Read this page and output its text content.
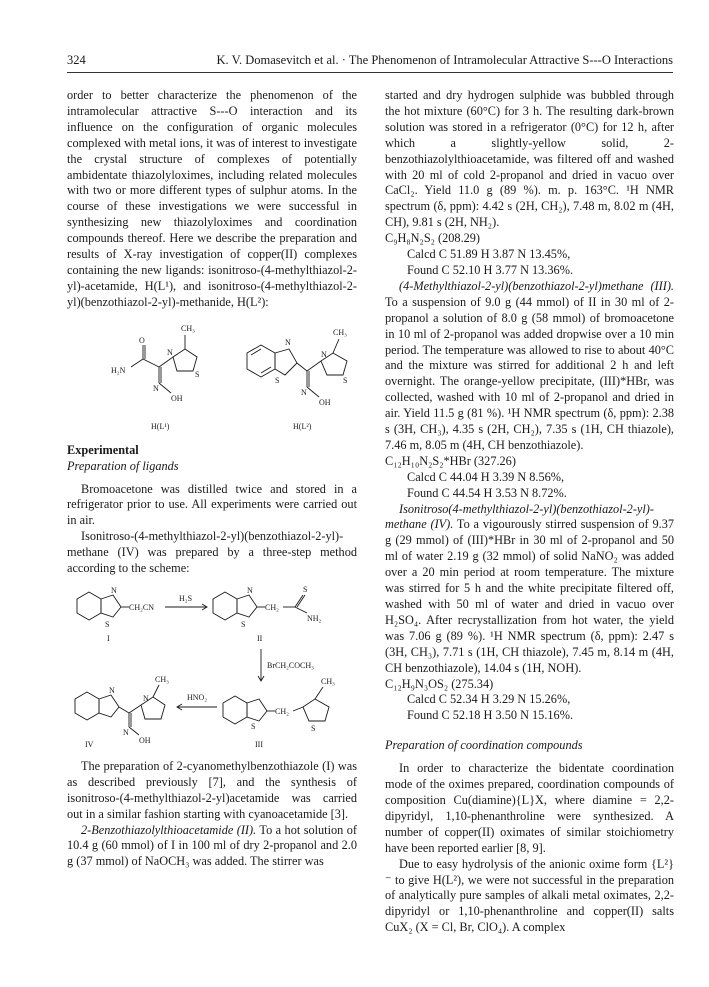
324	K. V. Domasevitch et al. · The Phenomenon of Intramolecular Attractive S---O Interactions

order to better characterize the phenomenon of the intramolecular attractive S---O interaction and its influence on the configuration of organic molecules complexed with metal ions, it was of interest to investigate the crystal structure of complexes of potentially ambidentate thiazolyloximes, including related molecules with two or more different types of sulphur atoms. In the course of these investigations we were successful in synthesizing new thiazolyloximes and coordination compounds thereof. Here we describe the preparation and results of X-ray investigation of copper(II) complexes containing the new ligands: isonitroso-(4-methylthiazol-2-yl)-acetamide, H(L¹), and isonitroso-(4-methylthiazol-2-yl)(benzothiazol-2-yl)-methanide, H(L²):

CH₃
O
N
S
H₂N
N
OH
H(L¹)
CH₃
N
S
N
S
N
OH
H(L²)

Experimental

Preparation of ligands

Bromoacetone was distilled twice and stored in a refrigerator prior to use. All experiments were carried out in air.

Isonitroso-(4-methylthiazol-2-yl)(benzothiazol-2-yl)-methane (IV) was prepared by a three-step method according to the scheme:

N
S
CH₂CN
I
H₂S
N
S
CH₂
S
NH₂
II
BrCH₂COCH₃
CH₃
N
N
N
OH
IV
HNO₂
CH₂
CH₃
S	S
III

The preparation of 2-cyanomethylbenzothiazole (I) was as described previously [7], and the synthesis of isonitroso-(4-methylthiazol-2-yl)acetamide was carried out in a similar fashion starting with cyanoacetamide [3].

2-Benzothiazolylthioacetamide (II). To a hot solution of 10.4 g (60 mmol) of I in 100 ml of dry 2-propanol and 2.0 g (37 mmol) of NaOCH₃ was added. The stirrer was

started and dry hydrogen sulphide was bubbled through the hot mixture (60°C) for 3 h. The resulting dark-brown solution was stored in a refrigerator (0°C) for 12 h, after which a slightly-yellow solid, 2-benzothiazolylthioacetamide, was filtered off and washed with 20 ml of cold 2-propanol and dried in vacuo over CaCl₂. Yield 11.0 g (89 %). m. p. 163°C. ¹H NMR spectrum (δ, ppm): 4.42 s (2H, CH₂), 7.48 m, 8.02 m (4H, CH), 9.81 s (2H, NH₂).

C₉H₈N₂S₂ (208.29)

Calcd C 51.89 H 3.87 N 13.45%,

Found C 52.10 H 3.77 N 13.36%.

(4-Methylthiazol-2-yl)(benzothiazol-2-yl)methane (III). To a suspension of 9.0 g (44 mmol) of II in 30 ml of 2-propanol a solution of 8.0 g (58 mmol) of bromoacetone in 10 ml of 2-propanol was added dropwise over a 10 min period. The temperature was allowed to rise to about 40°C and the mixture was stirred for additional 2 h and left overnight. The orange-yellow precipitate, (III)*HBr, was collected, washed with 10 ml of 2-propanol and dried in air. Yield 11.5 g (81 %). ¹H NMR spectrum (δ, ppm): 2.38 s (3H, CH₃), 4.35 s (2H, CH₂), 7.35 s (1H, CH thiazole), 7.46 m, 8.05 m (4H, CH benzothiazole).

C₁₂H₁₀N₂S₂*HBr (327.26)

Calcd C 44.04 H 3.39 N 8.56%,

Found C 44.54 H 3.53 N 8.72%.

Isonitroso(4-methylthiazol-2-yl)(benzothiazol-2-yl)-methane (IV). To a vigourously stirred suspension of 9.37 g (29 mmol) of (III)*HBr in 30 ml of 2-propanol and 50 ml of water 2.19 g (32 mmol) of solid NaNO₂ was added over a 20 min period at room temperature. The mixture was stirred for 5 h and the white precipitate filtered off, washed with 50 ml of water and dried in vacuo over H₂SO₄. After recrystallization from hot water, the yield was 7.06 g (89 %). ¹H NMR spectrum (δ, ppm): 2.47 s (3H, CH₃), 7.71 s (1H, CH thiazole), 7.45 m, 8.14 m (4H, CH benzothiazole), 14.04 s (1H, NOH).

C₁₂H₉N₃OS₂ (275.34)

Calcd C 52.34 H 3.29 N 15.26%,

Found C 52.18 H 3.50 N 15.16%.

Preparation of coordination compounds

In order to characterize the bidentate coordination mode of the oximes prepared, coordination compounds of composition Cu(diamine){L}X, where diamine = 2,2-dipyridyl, 1,10-phenanthroline were synthesized. A number of copper(II) oximates of similar stoichiometry have been reported earlier [8, 9].

Due to easy hydrolysis of the anionic oxime form {L²}⁻ to give H(L²), we were not successful in the preparation of analytically pure samples of alkali metal oximates, 2,2-dipyridyl or 1,10-phenanthroline and copper(II) salts CuX₂ (X = Cl, Br, ClO₄). A complex
